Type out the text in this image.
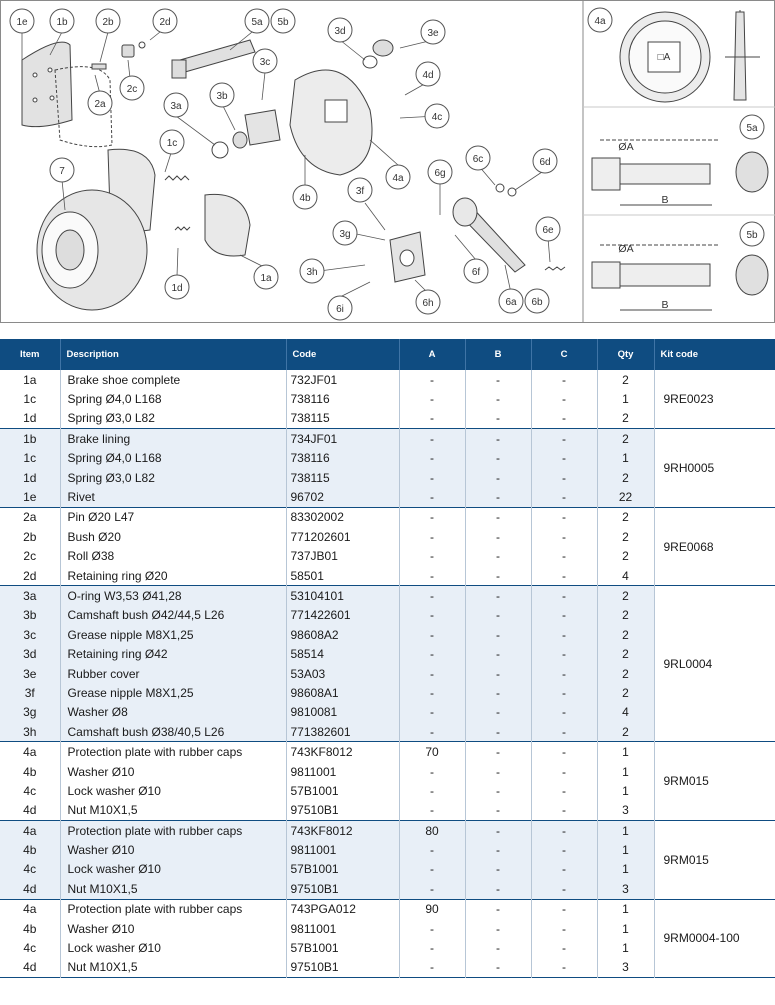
1e	1b	2b	2d	5a 5b
3d	3e
3c
4d
3a
3b
4c
1c
2a
2c
7
4a
4b
3f
6g
6c	6d
3g	6e
3h	6f
1d
1a
6i
6h	6a 6b
4a
□A
5a
ØA
B
5b
ØA
B
Item	Description	Code	A	B	C	Qty	Kit code
1a	Brake shoe complete	732JF01	-	-	-	2	9RE0023
1c	Spring Ø4,0 L168	738116	-	-	-	1	
1d	Spring Ø3,0 L82	738115	-	-	-	2	
1b	Brake lining	734JF01	-	-	-	2	9RH0005
1c	Spring Ø4,0 L168	738116	-	-	-	1	
1d	Spring Ø3,0 L82	738115	-	-	-	2	
1e	Rivet	96702	-	-	-	22	
2a	Pin Ø20 L47	83302002	-	-	-	2	9RE0068
2b	Bush Ø20	771202601	-	-	-	2	
2c	Roll Ø38	737JB01	-	-	-	2	
2d	Retaining ring Ø20	58501	-	-	-	4	
3a	O-ring W3,53 Ø41,28	53104101	-	-	-	2	9RL0004
3b	Camshaft bush Ø42/44,5 L26	771422601	-	-	-	2	
3c	Grease nipple M8X1,25	98608A2	-	-	-	2	
3d	Retaining ring Ø42	58514	-	-	-	2	
3e	Rubber cover	53A03	-	-	-	2	
3f	Grease nipple M8X1,25	98608A1	-	-	-	2	
3g	Washer Ø8	9810081	-	-	-	4	
3h	Camshaft bush Ø38/40,5 L26	771382601	-	-	-	2	
4a	Protection plate with rubber caps	743KF8012	70	-	-	1	9RM015
4b	Washer Ø10	9811001	-	-	-	1	
4c	Lock washer Ø10	57B1001	-	-	-	1	
4d	Nut M10X1,5	97510B1	-	-	-	3	
4a	Protection plate with rubber caps	743KF8012	80	-	-	1	9RM015
4b	Washer Ø10	9811001	-	-	-	1	
4c	Lock washer Ø10	57B1001	-	-	-	1	
4d	Nut M10X1,5	97510B1	-	-	-	3	
4a	Protection plate with rubber caps	743PGA012	90	-	-	1	9RM0004-100
4b	Washer Ø10	9811001	-	-	-	1	
4c	Lock washer Ø10	57B1001	-	-	-	1	
4d	Nut M10X1,5	97510B1	-	-	-	3	
